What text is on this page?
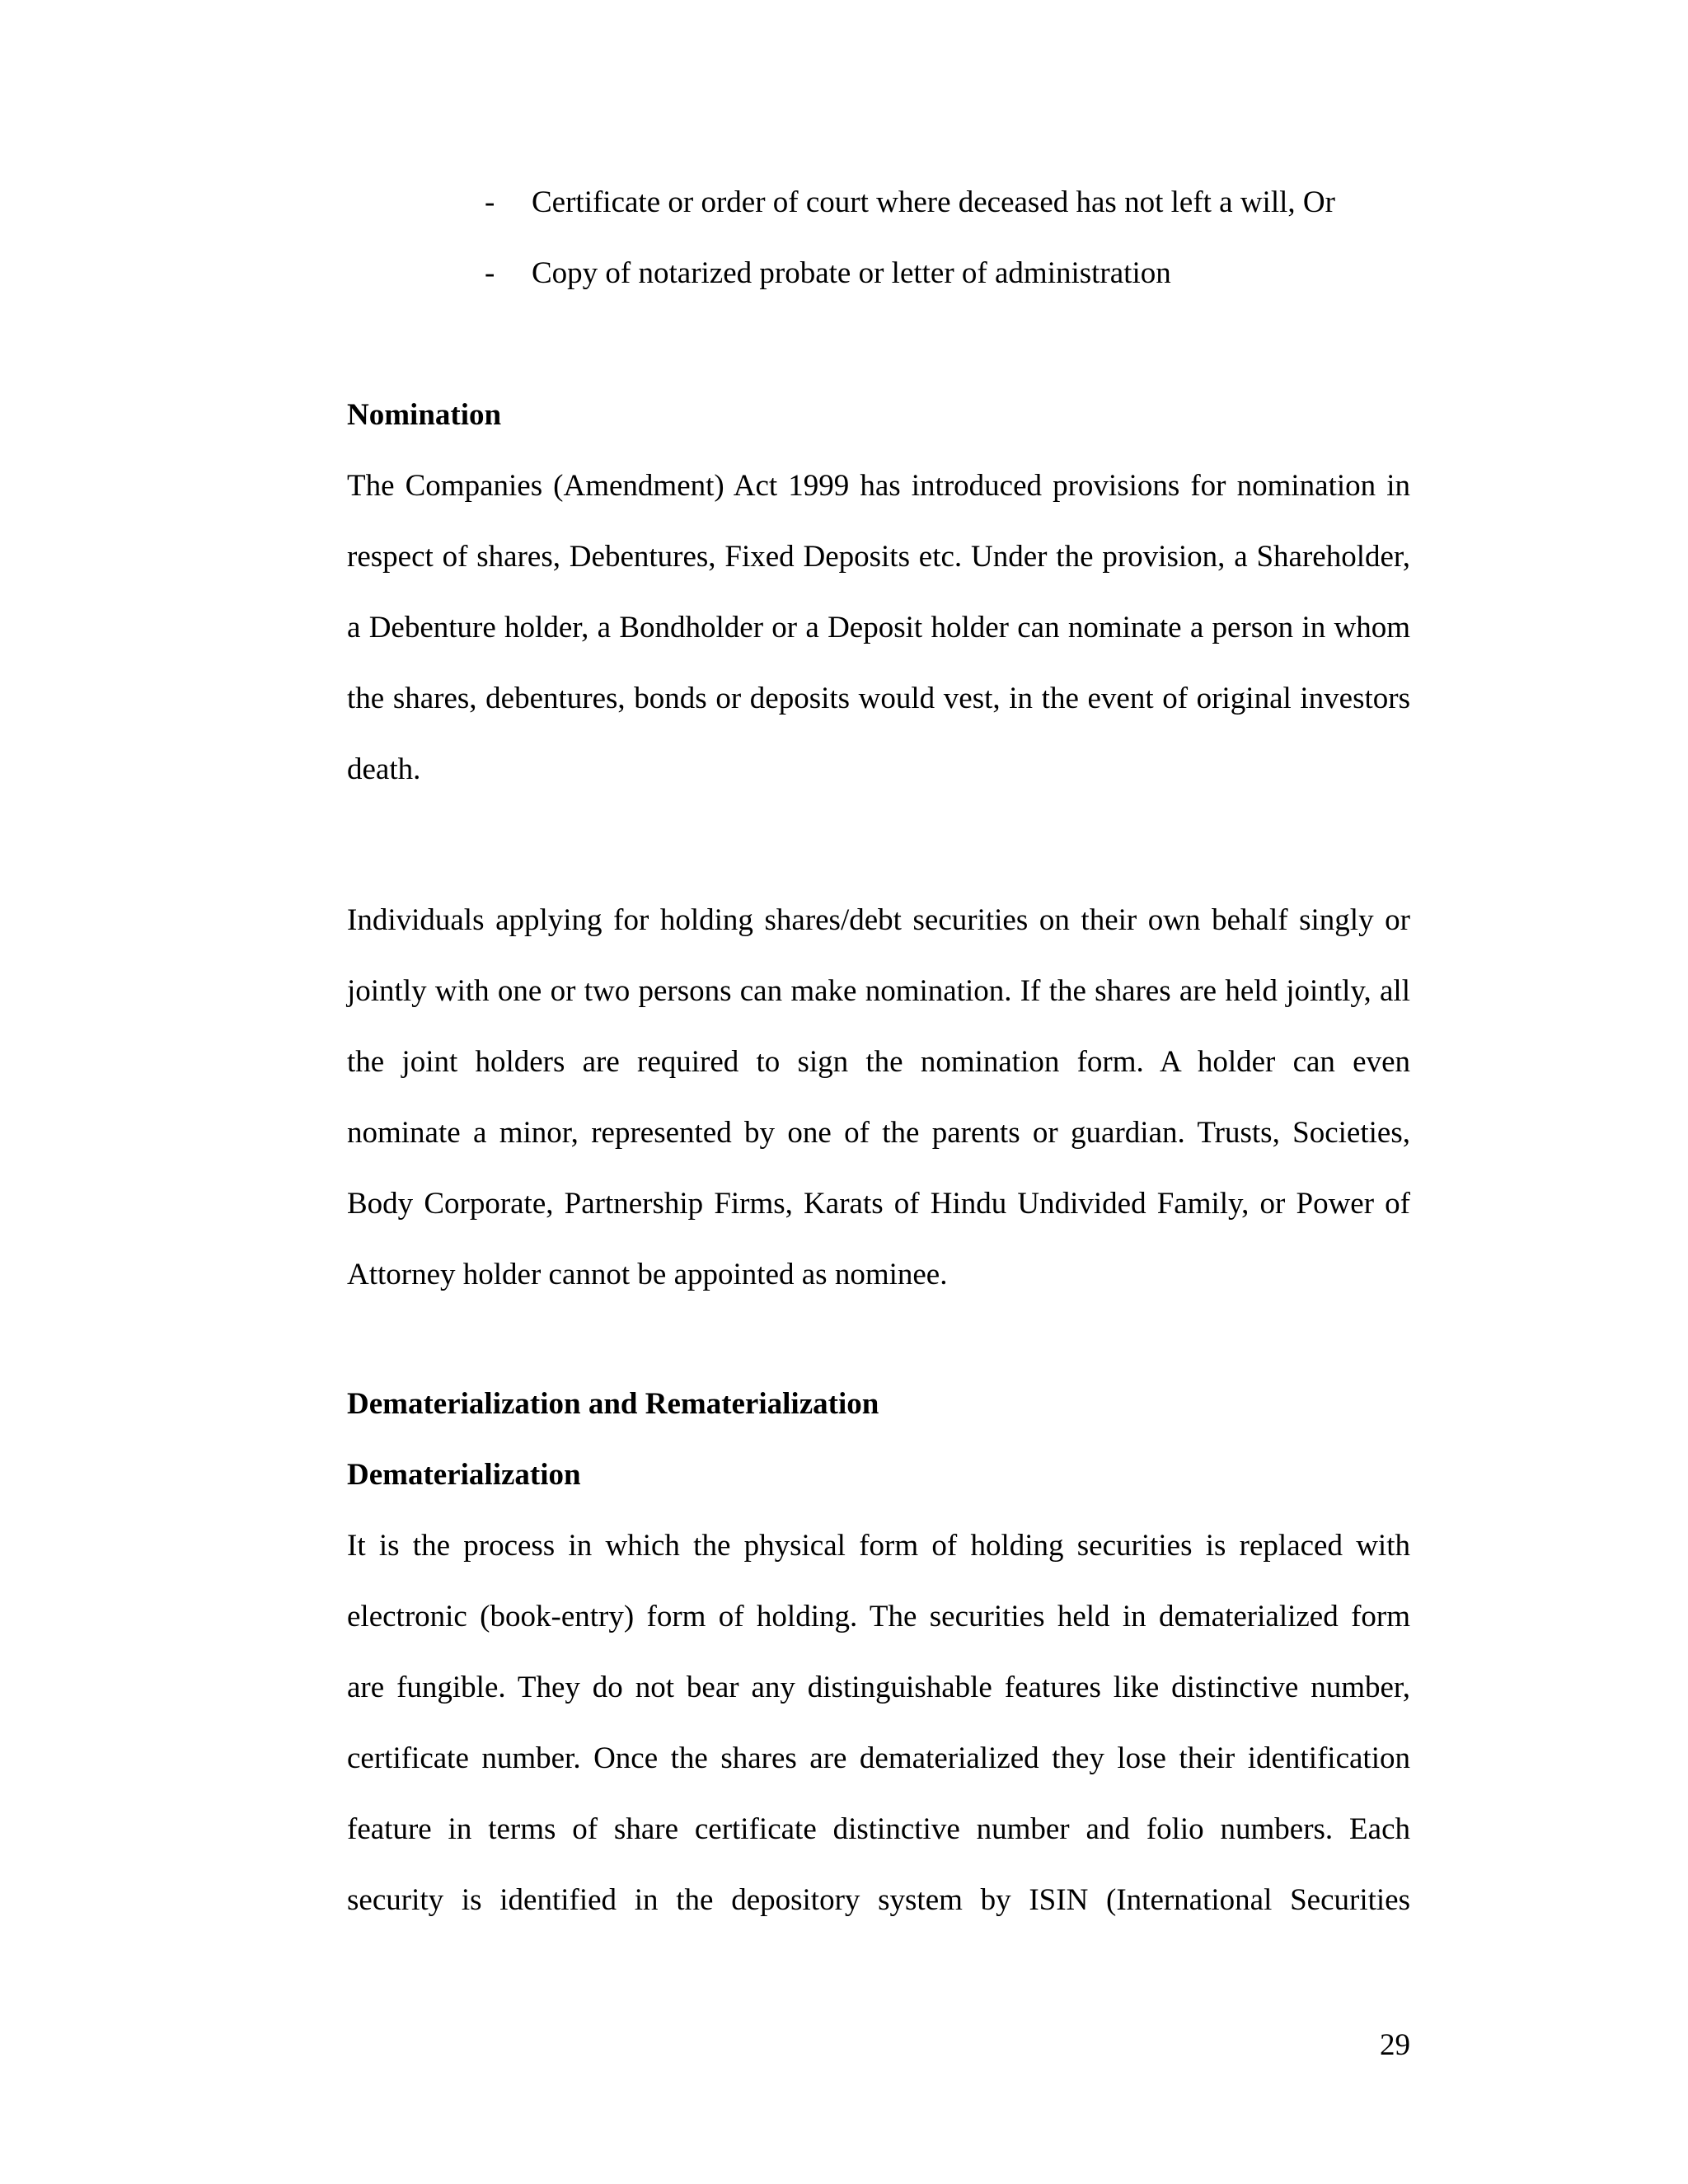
- Certificate or order of court where deceased has not left a will, Or
- Copy of notarized probate or letter of administration
Nomination
The Companies (Amendment) Act 1999 has introduced provisions for nomination in
respect of shares, Debentures, Fixed Deposits etc. Under the provision, a Shareholder,
a Debenture holder, a Bondholder or a Deposit holder can nominate a person in whom
the shares, debentures, bonds or deposits would vest, in the event of original investors
death.
Individuals applying for holding shares/debt securities on their own behalf singly or
jointly with one or two persons can make nomination. If the shares are held jointly, all
the joint holders are required to sign the nomination form. A holder can even
nominate a minor, represented by one of the parents or guardian. Trusts, Societies,
Body Corporate, Partnership Firms, Karats of Hindu Undivided Family, or Power of
Attorney holder cannot be appointed as nominee.
Dematerialization and Rematerialization
Dematerialization
It is the process in which the physical form of holding securities is replaced with
electronic (book-entry) form of holding. The securities held in dematerialized form
are fungible. They do not bear any distinguishable features like distinctive number,
certificate number. Once the shares are dematerialized they lose their identification
feature in terms of share certificate distinctive number and folio numbers. Each
security is identified in the depository system by ISIN (International Securities
29
